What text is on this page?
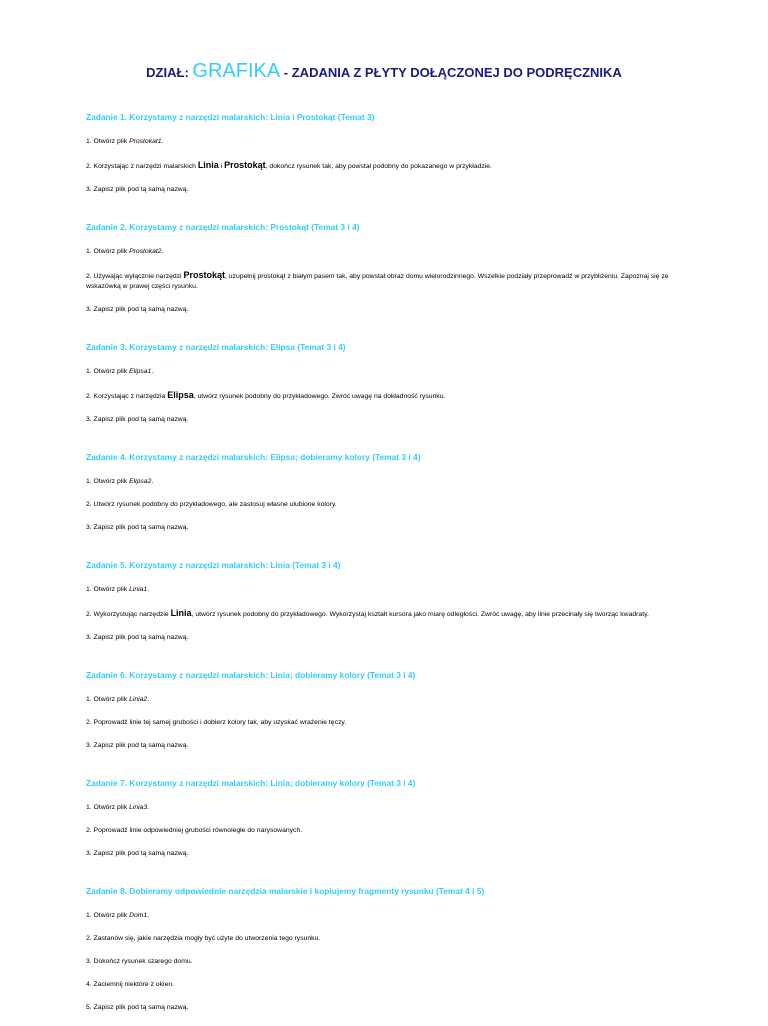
DZIAŁ: GRAFIKA - ZADANIA Z PŁYTY DOŁĄCZONEJ DO PODRĘCZNIKA
Zadanie 1. Korzystamy z narzędzi malarskich: Linia i Prostokąt (Temat 3)
1. Otwórz plik Prostokat1.
2. Korzystając z narzędzi malarskich Linia i Prostokąt, dokończ rysunek tak, aby powstał podobny do pokazanego w przykładzie.
3. Zapisz plik pod tą samą nazwą.
Zadanie 2. Korzystamy z narzędzi malarskich: Prostokąt (Temat 3 i 4)
1. Otwórz plik Prostokat2.
2. Używając wyłącznie narzędzi Prostokąt, uzupełnij prostokąt z białym pasem tak, aby powstał obraz domu wielorodzinnego. Wszelkie podziały przeprowadź w przybliżeniu. Zapoznaj się ze wskazówką w prawej części rysunku.
3. Zapisz plik pod tą samą nazwą.
Zadanie 3. Korzystamy z narzędzi malarskich: Elipsa (Temat 3 i 4)
1. Otwórz plik Elipsa1.
2. Korzystając z narzędzia Elipsa, utwórz rysunek podobny do przykładowego. Zwróć uwagę na dokładność rysunku.
3. Zapisz plik pod tą samą nazwą.
Zadanie 4. Korzystamy z narzędzi malarskich: Elipsa; dobieramy kolory (Temat 3 i 4)
1. Otwórz plik Elipsa2.
2. Utwórz rysunek podobny do przykładowego, ale zastosuj własne ulubione kolory.
3. Zapisz plik pod tą samą nazwą.
Zadanie 5. Korzystamy z narzędzi malarskich: Linia (Temat 3 i 4)
1. Otwórz plik Linia1.
2. Wykorzystując narzędzie Linia, utwórz rysunek podobny do przykładowego. Wykorzystaj kształt kursora jako miarę odległości. Zwróć uwagę, aby linie przecinały się tworząc kwadraty.
3. Zapisz plik pod tą samą nazwą.
Zadanie 6. Korzystamy z narzędzi malarskich: Linia; dobieramy kolory (Temat 3 i 4)
1. Otwórz plik Linia2.
2. Poprowadź linie tej samej grubości i dobierz kolory tak, aby uzyskać wrażenie tęczy.
3. Zapisz plik pod tą samą nazwą.
Zadanie 7. Korzystamy z narzędzi malarskich: Linia; dobieramy kolory (Temat 3 i 4)
1. Otwórz plik Linia3.
2. Poprowadź linie odpowiedniej grubości równoległe do narysowanych.
3. Zapisz plik pod tą samą nazwą.
Zadanie 8. Dobieramy odpowiednie narzędzia malarskie i kopiujemy fragmenty rysunku (Temat 4 i 5)
1. Otwórz plik Dom1.
2. Zastanów się, jakie narzędzia mogły być użyte do utworzenia tego rysunku.
3. Dokończ rysunek szarego domu.
4. Zaciemnij niektóre z okien.
5. Zapisz plik pod tą samą nazwą.
